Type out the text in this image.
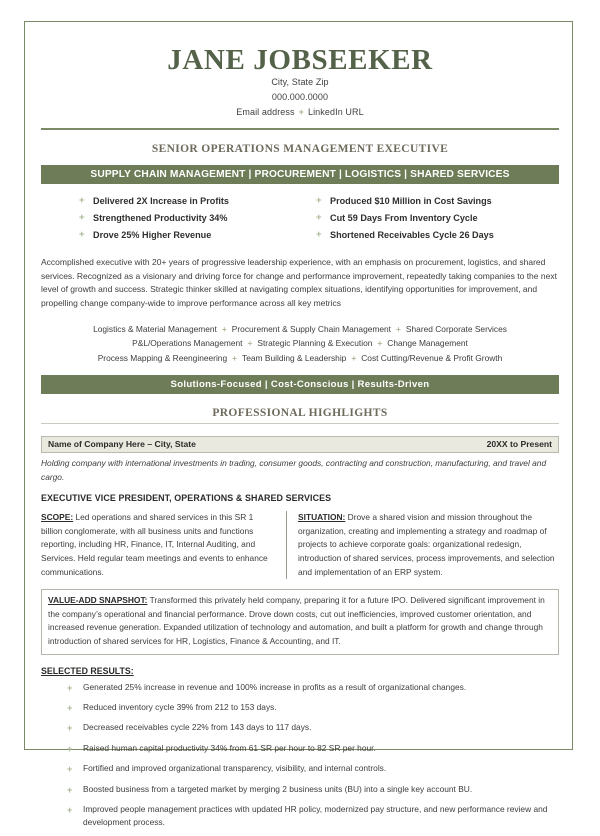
JANE JOBSEEKER
City, State Zip
000.000.0000
Email address + LinkedIn URL
SENIOR OPERATIONS MANAGEMENT EXECUTIVE
SUPPLY CHAIN MANAGEMENT | PROCUREMENT | LOGISTICS | SHARED SERVICES
+ Delivered 2X Increase in Profits
+ Strengthened Productivity 34%
+ Drove 25% Higher Revenue
+ Produced $10 Million in Cost Savings
+ Cut 59 Days From Inventory Cycle
+ Shortened Receivables Cycle 26 Days
Accomplished executive with 20+ years of progressive leadership experience, with an emphasis on procurement, logistics, and shared services. Recognized as a visionary and driving force for change and performance improvement, repeatedly taking companies to the next level of growth and success. Strategic thinker skilled at navigating complex situations, identifying opportunities for improvement, and propelling change company-wide to improve performance across all key metrics
Logistics & Material Management + Procurement & Supply Chain Management + Shared Corporate Services
P&L/Operations Management + Strategic Planning & Execution + Change Management
Process Mapping & Reengineering + Team Building & Leadership + Cost Cutting/Revenue & Profit Growth
Solutions-Focused | Cost-Conscious | Results-Driven
PROFESSIONAL HIGHLIGHTS
Name of Company Here – City, State	20XX to Present
Holding company with international investments in trading, consumer goods, contracting and construction, manufacturing, and travel and cargo.
EXECUTIVE VICE PRESIDENT, OPERATIONS & SHARED SERVICES
SCOPE: Led operations and shared services in this SR 1 billion conglomerate, with all business units and functions reporting, including HR, Finance, IT, Internal Auditing, and Services. Held regular team meetings and events to enhance communications.
SITUATION: Drove a shared vision and mission throughout the organization, creating and implementing a strategy and roadmap of projects to achieve corporate goals: organizational redesign, introduction of shared services, process improvements, and selection and implementation of an ERP system.
VALUE-ADD SNAPSHOT: Transformed this privately held company, preparing it for a future IPO. Delivered significant improvement in the company’s operational and financial performance. Drove down costs, cut out inefficiencies, improved customer orientation, and increased revenue generation. Expanded utilization of technology and automation, and built a platform for growth and change through introduction of shared services for HR, Logistics, Finance & Accounting, and IT.
SELECTED RESULTS:
+	Generated 25% increase in revenue and 100% increase in profits as a result of organizational changes.
+	Reduced inventory cycle 39% from 212 to 153 days.
+	Decreased receivables cycle 22% from 143 days to 117 days.
+	Raised human capital productivity 34% from 61 SR per hour to 82 SR per hour.
+	Fortified and improved organizational transparency, visibility, and internal controls.
+	Boosted business from a targeted market by merging 2 business units (BU) into a single key account BU.
+	Improved people management practices with updated HR policy, modernized pay structure, and new performance review and development process.
